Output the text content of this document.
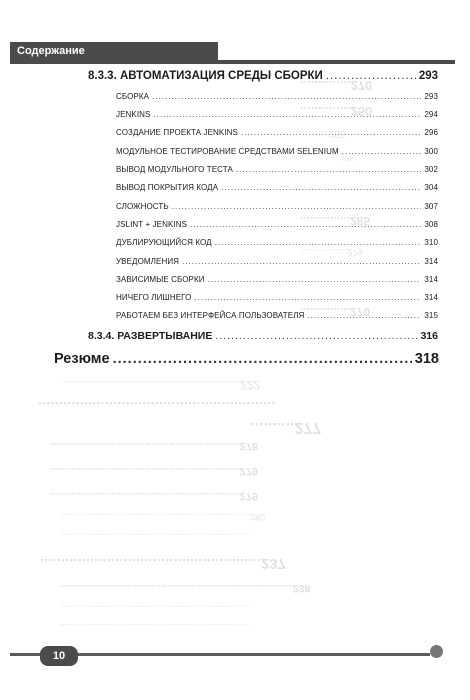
Содержание
..............270
..............250
..............285
................276
...............285
...................279
...............270
......................................................222
.........................................................
..........277
..............................................................278
..............................................................279
..............................................................279
............................................................................280
............................................................................
.....................................................237
............................................................................238
............................................................................
............................................................................
8.3.3. АВТОМАТИЗАЦИЯ СРЕДЫ СБОРКИ .....	293
СБОРКА .....	293
JENKINS .....	294
СОЗДАНИЕ ПРОЕКТА JENKINS .....	296
МОДУЛЬНОЕ ТЕСТИРОВАНИЕ СРЕДСТВАМИ SELENIUM .....	300
ВЫВОД МОДУЛЬНОГО ТЕСТА .....	302
ВЫВОД ПОКРЫТИЯ КОДА .....	304
СЛОЖНОСТЬ .....	307
JSLINT + JENKINS .....	308
ДУБЛИРУЮЩИЙСЯ КОД .....	310
УВЕДОМЛЕНИЯ .....	314
ЗАВИСИМЫЕ СБОРКИ .....	314
НИЧЕГО ЛИШНЕГО .....	314
РАБОТАЕМ БЕЗ ИНТЕРФЕЙСА ПОЛЬЗОВАТЕЛЯ .....	315
8.3.4. РАЗВЕРТЫВАНИЕ .....	316
Резюме .....	318
10
